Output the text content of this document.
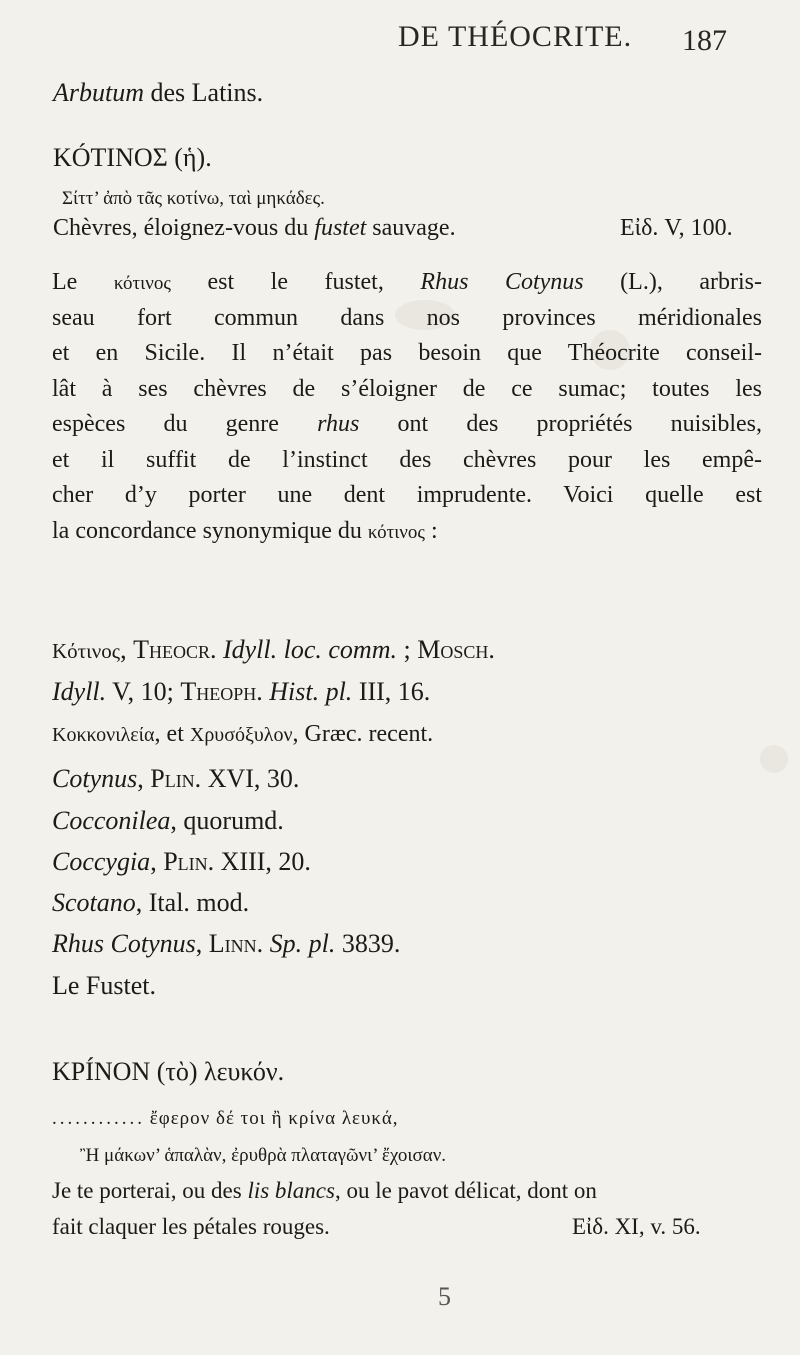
DE THÉOCRITE. 187
Arbutum des Latins.
KÓTINOΣ (ἡ).
Σίττ’ ἀπὸ τᾶς κοτίνω, ταὶ μηκάδες.
Chèvres, éloignez-vous du fustet sauvage.	Εἰδ. V, 100.
Le κότινος est le fustet, Rhus Cotynus (L.), arbris-
seau fort commun dans nos provinces méridionales
et en Sicile. Il n’était pas besoin que Théocrite conseil-
lât à ses chèvres de s’éloigner de ce sumac; toutes les
espèces du genre rhus ont des propriétés nuisibles,
et il suffit de l’instinct des chèvres pour les empê-
cher d’y porter une dent imprudente. Voici quelle est
la concordance synonymique du κότινος :
Κότινος, Theocr. Idyll. loc. comm. ; Mosch.
Idyll. V, 10; Theoph. Hist. pl. III, 16.
Κοκκονιλεία, et Χρυσόξυλον, Græc. recent.
Cotynus, Plin. XVI, 30.
Cocconilea, quorumd.
Coccygia, Plin. XIII, 20.
Scotano, Ital. mod.
Rhus Cotynus, Linn. Sp. pl. 3839.
Le Fustet.
KPÍNON (τὸ) λευκόν.
............ ἔφερον δέ τοι ἢ κρίνα λευκά,
Ἢ μάκων’ ἁπαλὰν, ἐρυθρὰ πλαταγῶνι’ ἔχοισαν.
Je te porterai, ou des lis blancs, ou le pavot délicat, dont on
fait claquer les pétales rouges.	Εἰδ. XI, v. 56.
5
